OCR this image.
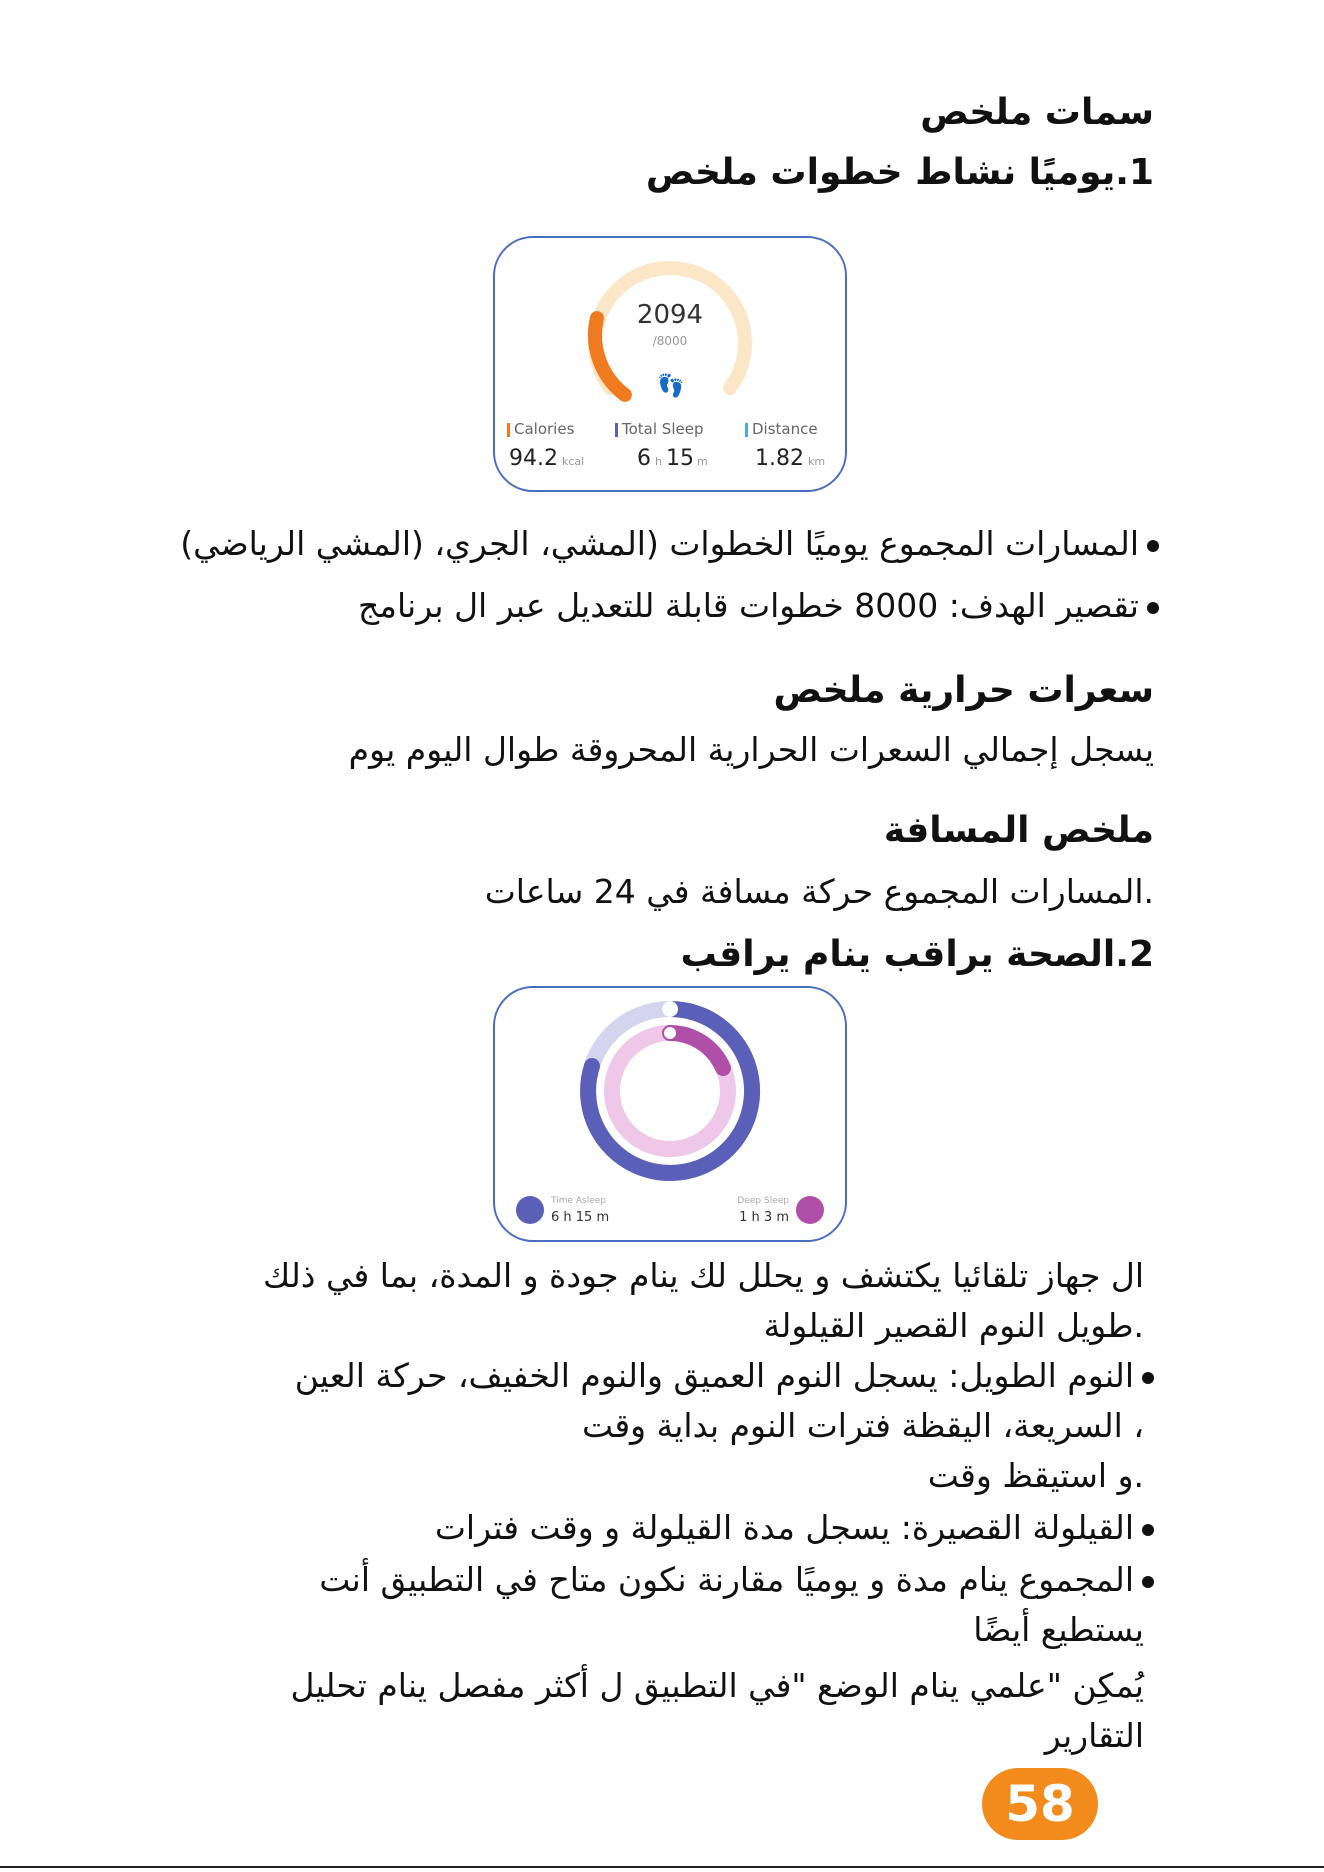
سمات ملخص
1.يوميًا نشاط خطوات ملخص
2094
/8000
👣
Calories
94.2 kcal
Total Sleep
6 h 15 m
Distance
1.82 km
المسارات المجموع يوميًا الخطوات (المشي، الجري، (المشي الرياضي)
تقصير الهدف: 8000 خطوات قابلة للتعديل عبر ال برنامج
سعرات حرارية ملخص
يسجل إجمالي السعرات الحرارية المحروقة طوال اليوم يوم
ملخص المسافة
.المسارات المجموع حركة مسافة في 24 ساعات
2.الصحة يراقب ينام يراقب
Time Asleep
6 h 15 m
Deep Sleep
1 h 3 m
ال جهاز تلقائيا يكتشف و يحلل لك ينام جودة و المدة، بما في ذلك
.طويل النوم القصير القيلولة
النوم الطويل: يسجل النوم العميق والنوم الخفيف، حركة العين
، السريعة، اليقظة فترات النوم بداية وقت
.و استيقظ وقت
القيلولة القصيرة: يسجل مدة القيلولة و وقت فترات
المجموع ينام مدة و يوميًا مقارنة نكون متاح في التطبيق أنت
يستطيع أيضًا
يُمكِن "علمي ينام الوضع "في التطبيق ل أكثر مفصل ينام تحليل
التقارير
58
